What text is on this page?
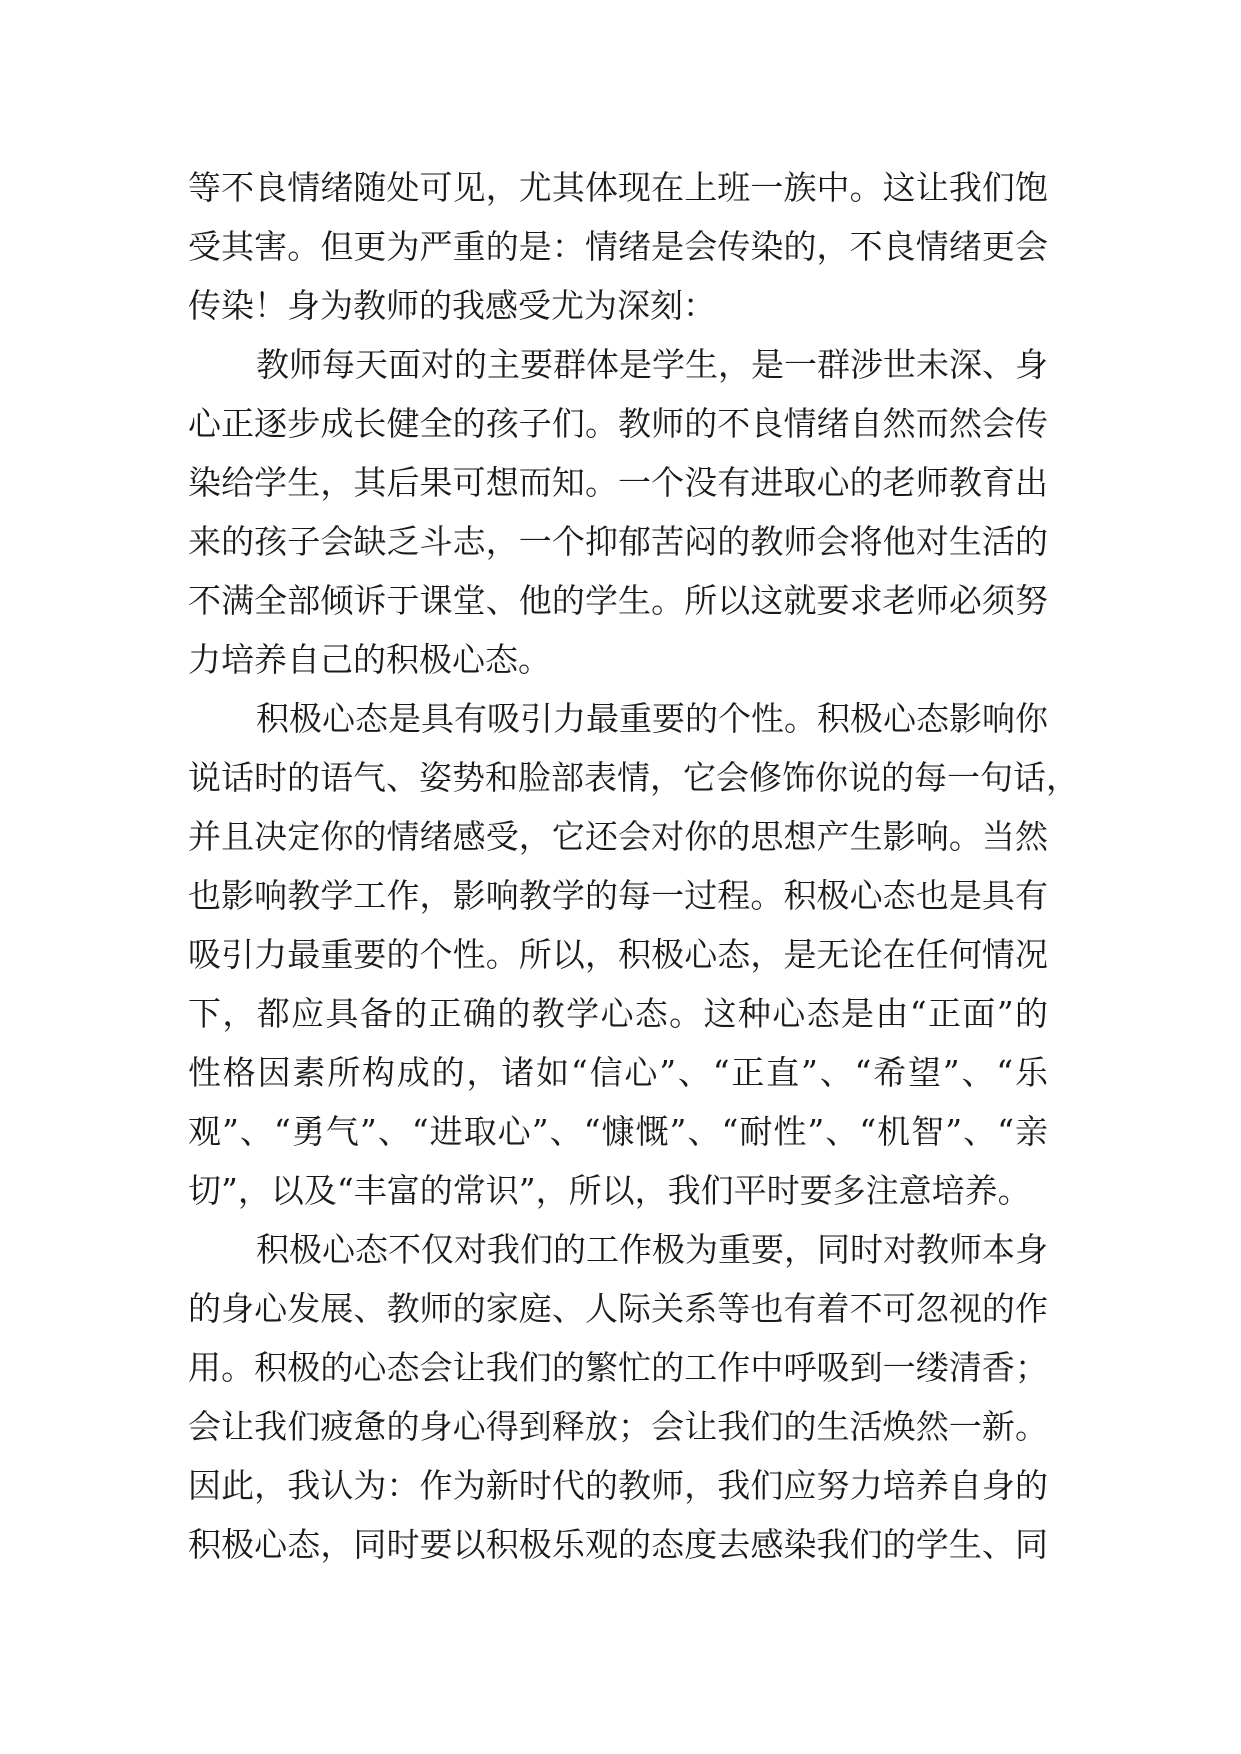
等不良情绪随处可见，尤其体现在上班一族中。这让我们饱
受其害。但更为严重的是：情绪是会传染的，不良情绪更会
传染！身为教师的我感受尤为深刻：
教师每天面对的主要群体是学生，是一群涉世未深、身
心正逐步成长健全的孩子们。教师的不良情绪自然而然会传
染给学生，其后果可想而知。一个没有进取心的老师教育出
来的孩子会缺乏斗志，一个抑郁苦闷的教师会将他对生活的
不满全部倾诉于课堂、他的学生。所以这就要求老师必须努
力培养自己的积极心态。
积极心态是具有吸引力最重要的个性。积极心态影响你
说话时的语气、姿势和脸部表情，它会修饰你说的每一句话，
并且决定你的情绪感受，它还会对你的思想产生影响。当然
也影响教学工作，影响教学的每一过程。积极心态也是具有
吸引力最重要的个性。所以，积极心态，是无论在任何情况
下，都应具备的正确的教学心态。这种心态是由“正面”的
性格因素所构成的，诸如“信心”、“正直”、“希望”、“乐
观”、“勇气”、“进取心”、“慷慨”、“耐性”、“机智”、“亲
切”，以及“丰富的常识”，所以，我们平时要多注意培养。
积极心态不仅对我们的工作极为重要，同时对教师本身
的身心发展、教师的家庭、人际关系等也有着不可忽视的作
用。积极的心态会让我们的繁忙的工作中呼吸到一缕清香；
会让我们疲惫的身心得到释放；会让我们的生活焕然一新。
因此，我认为：作为新时代的教师，我们应努力培养自身的
积极心态，同时要以积极乐观的态度去感染我们的学生、同
